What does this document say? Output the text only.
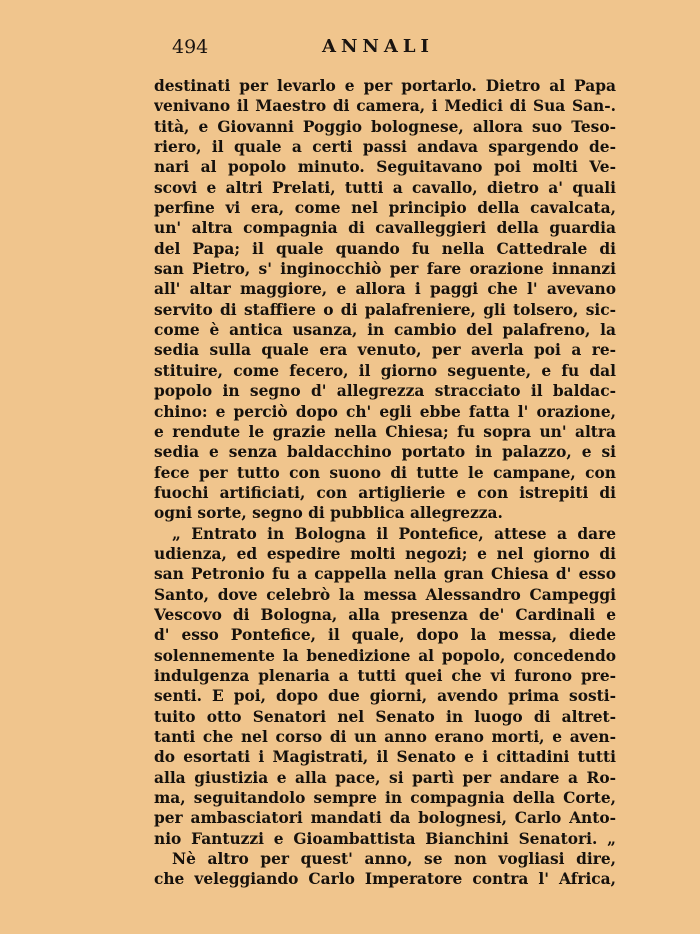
494	ANNALI
destinati per levarlo e per portarlo. Dietro al Papa
venivano il Maestro di camera, i Medici di Sua San-.
tità, e Giovanni Poggio bolognese, allora suo Teso-
riero, il quale a certi passi andava spargendo de-
nari al popolo minuto. Seguitavano poi molti Ve-
scovi e altri Prelati, tutti a cavallo, dietro a' quali
perfine vi era, come nel principio della cavalcata,
un' altra compagnia di cavalleggieri della guardia
del Papa; il quale quando fu nella Cattedrale di
san Pietro, s' inginocchiò per fare orazione innanzi
all' altar maggiore, e allora i paggi che l' avevano
servito di staffiere o di palafreniere, gli tolsero, sic-
come è antica usanza, in cambio del palafreno, la
sedia sulla quale era venuto, per averla poi a re-
stituire, come fecero, il giorno seguente, e fu dal
popolo in segno d' allegrezza stracciato il baldac-
chino: e perciò dopo ch' egli ebbe fatta l' orazione,
e rendute le grazie nella Chiesa; fu sopra un' altra
sedia e senza baldacchino portato in palazzo, e si
fece per tutto con suono di tutte le campane, con
fuochi artificiati, con artiglierie e con istrepiti di
ogni sorte, segno di pubblica allegrezza.
„ Entrato in Bologna il Pontefice, attese a dare
udienza, ed espedire molti negozi; e nel giorno di
san Petronio fu a cappella nella gran Chiesa d' esso
Santo, dove celebrò la messa Alessandro Campeggi
Vescovo di Bologna, alla presenza de' Cardinali e
d' esso Pontefice, il quale, dopo la messa, diede
solennemente la benedizione al popolo, concedendo
indulgenza plenaria a tutti quei che vi furono pre-
senti. E poi, dopo due giorni, avendo prima sosti-
tuito otto Senatori nel Senato in luogo di altret-
tanti che nel corso di un anno erano morti, e aven-
do esortati i Magistrati, il Senato e i cittadini tutti
alla giustizia e alla pace, si partì per andare a Ro-
ma, seguitandolo sempre in compagnia della Corte,
per ambasciatori mandati da bolognesi, Carlo Anto-
nio Fantuzzi e Gioambattista Bianchini Senatori. „
Nè altro per quest' anno, se non vogliasi dire,
che veleggiando Carlo Imperatore contra l' Africa,
